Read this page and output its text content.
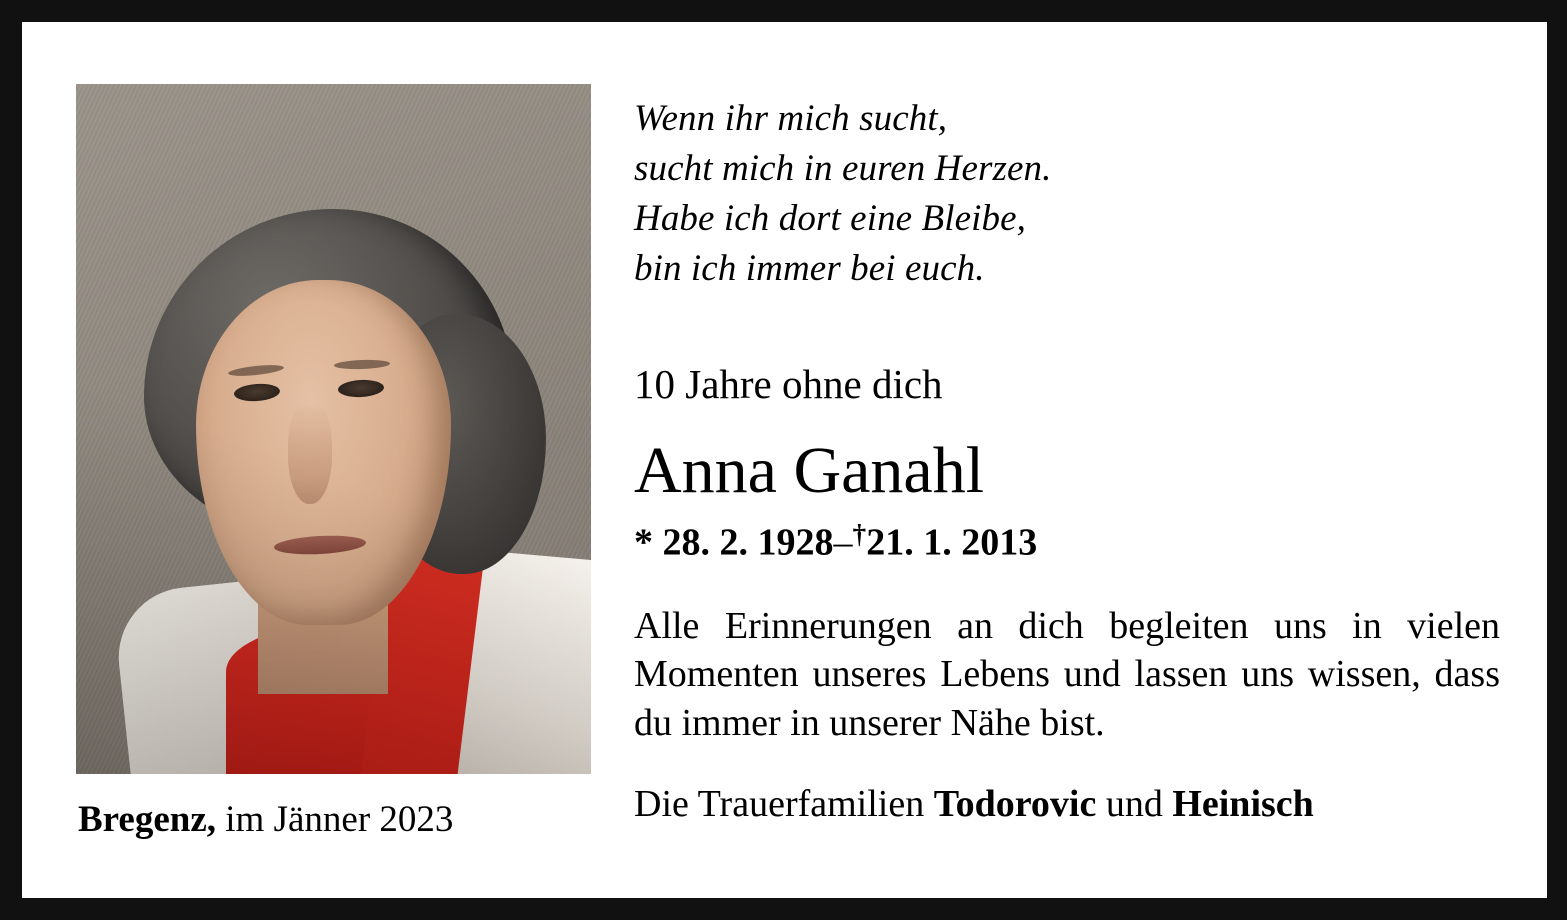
Bregenz, im Jänner 2023
Wenn ihr mich sucht,
sucht mich in euren Herzen.
Habe ich dort eine Bleibe,
bin ich immer bei euch.
10 Jahre ohne dich
Anna Ganahl
* 28. 2. 1928–†21. 1. 2013
Alle Erinnerungen an dich begleiten uns in vielen Momenten unseres Lebens und lassen uns wissen, dass du immer in unserer Nähe bist.
Die Trauerfamilien Todorovic und Heinisch
